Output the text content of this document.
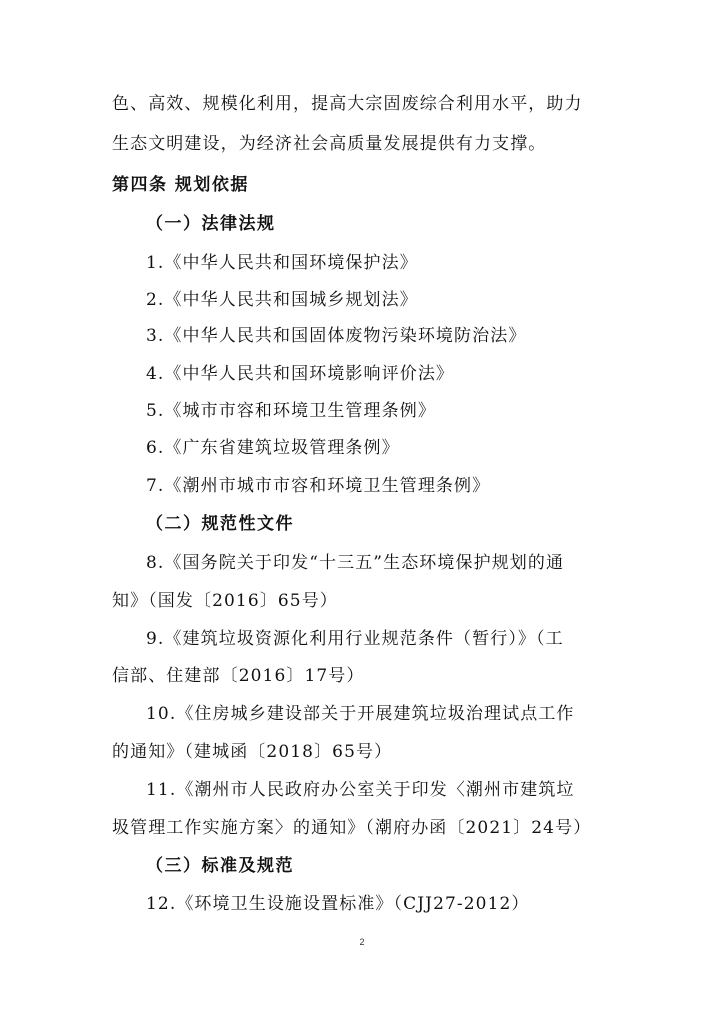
色、高效、规模化利用，提高大宗固废综合利用水平，助力
生态文明建设，为经济社会高质量发展提供有力支撑。
第四条 规划依据
（一）法律法规
1.《中华人民共和国环境保护法》
2.《中华人民共和国城乡规划法》
3.《中华人民共和国固体废物污染环境防治法》
4.《中华人民共和国环境影响评价法》
5.《城市市容和环境卫生管理条例》
6.《广东省建筑垃圾管理条例》
7.《潮州市城市市容和环境卫生管理条例》
（二）规范性文件
8.《国务院关于印发“十三五”生态环境保护规划的通
知》（国发〔2016〕65号）
9.《建筑垃圾资源化利用行业规范条件（暂行）》（工
信部、住建部〔2016〕17号）
10.《住房城乡建设部关于开展建筑垃圾治理试点工作
的通知》（建城函〔2018〕65号）
11.《潮州市人民政府办公室关于印发〈潮州市建筑垃
圾管理工作实施方案〉的通知》（潮府办函〔2021〕24号）
（三）标准及规范
12.《环境卫生设施设置标准》（CJJ27-2012）
2
